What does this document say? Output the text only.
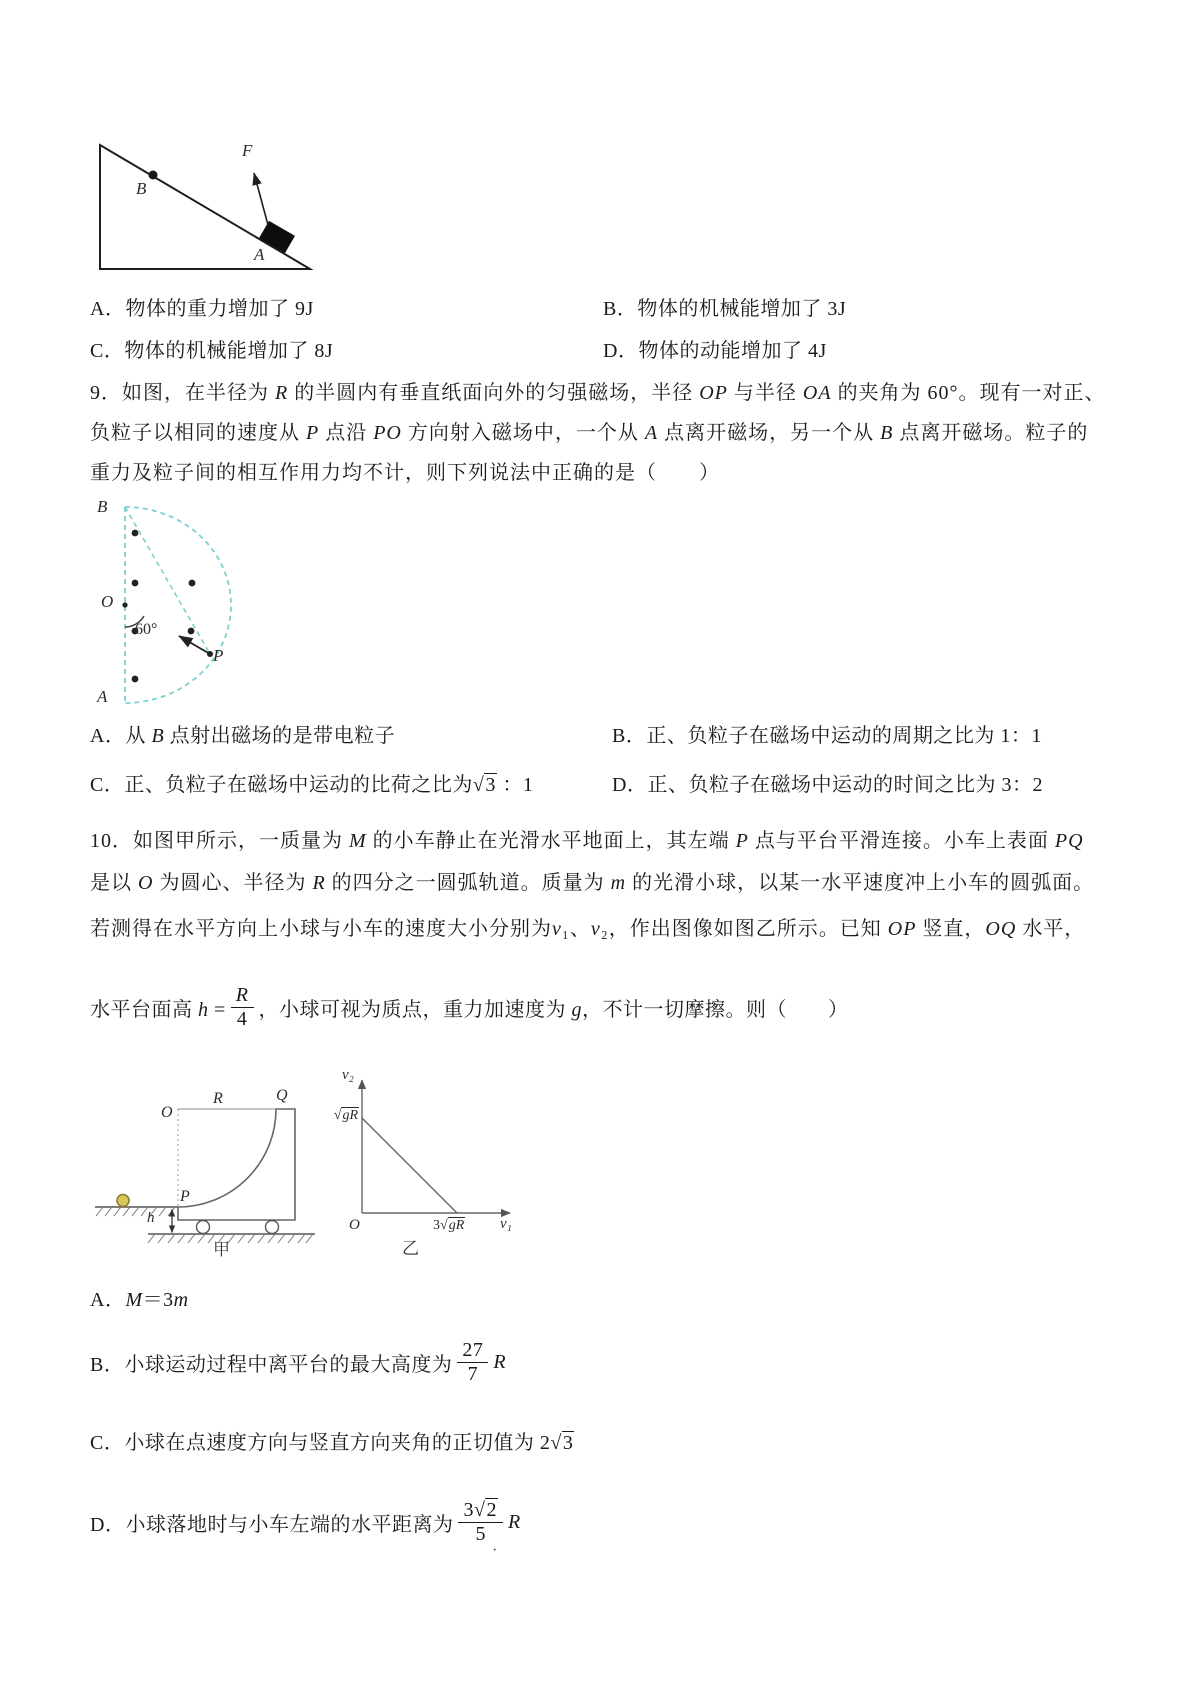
F
B
A
A．物体的重力增加了 9J	B．物体的机械能增加了 3J
C．物体的机械能增加了 8J	D．物体的动能增加了 4J
9．如图，在半径为 R 的半圆内有垂直纸面向外的匀强磁场，半径 OP 与半径 OA 的夹角为 60°。现有一对正、
负粒子以相同的速度从 P 点沿 PO 方向射入磁场中，一个从 A 点离开磁场，另一个从 B 点离开磁场。粒子的
重力及粒子间的相互作用力均不计，则下列说法中正确的是（　　）
B
O
A
P
60°
A．从 B 点射出磁场的是带电粒子	B．正、负粒子在磁场中运动的周期之比为 1：1
C．正、负粒子在磁场中运动的比荷之比为√3 ：1	D．正、负粒子在磁场中运动的时间之比为 3：2
10．如图甲所示，一质量为 M 的小车静止在光滑水平地面上，其左端 P 点与平台平滑连接。小车上表面 PQ
是以 O 为圆心、半径为 R 的四分之一圆弧轨道。质量为 m 的光滑小球，以某一水平速度冲上小车的圆弧面。
若测得在水平方向上小球与小车的速度大小分别为v₁、v₂，作出图像如图乙所示。已知 OP 竖直，OQ 水平，
水平台面高 $h = \frac{R}{4}$ ，小球可视为质点，重力加速度为 g，不计一切摩擦。则（　　）
O
R	Q
P
h
甲
v₂
√gR
O	3√gR v₁
乙
A．M＝3m
B．小球运动过程中离平台的最大高度为 $\frac{27}{7}$ R
C．小球在点速度方向与竖直方向夹角的正切值为 2√3
D．小球落地时与小车左端的水平距离为 $\frac{3√2}{5}$ R
·
